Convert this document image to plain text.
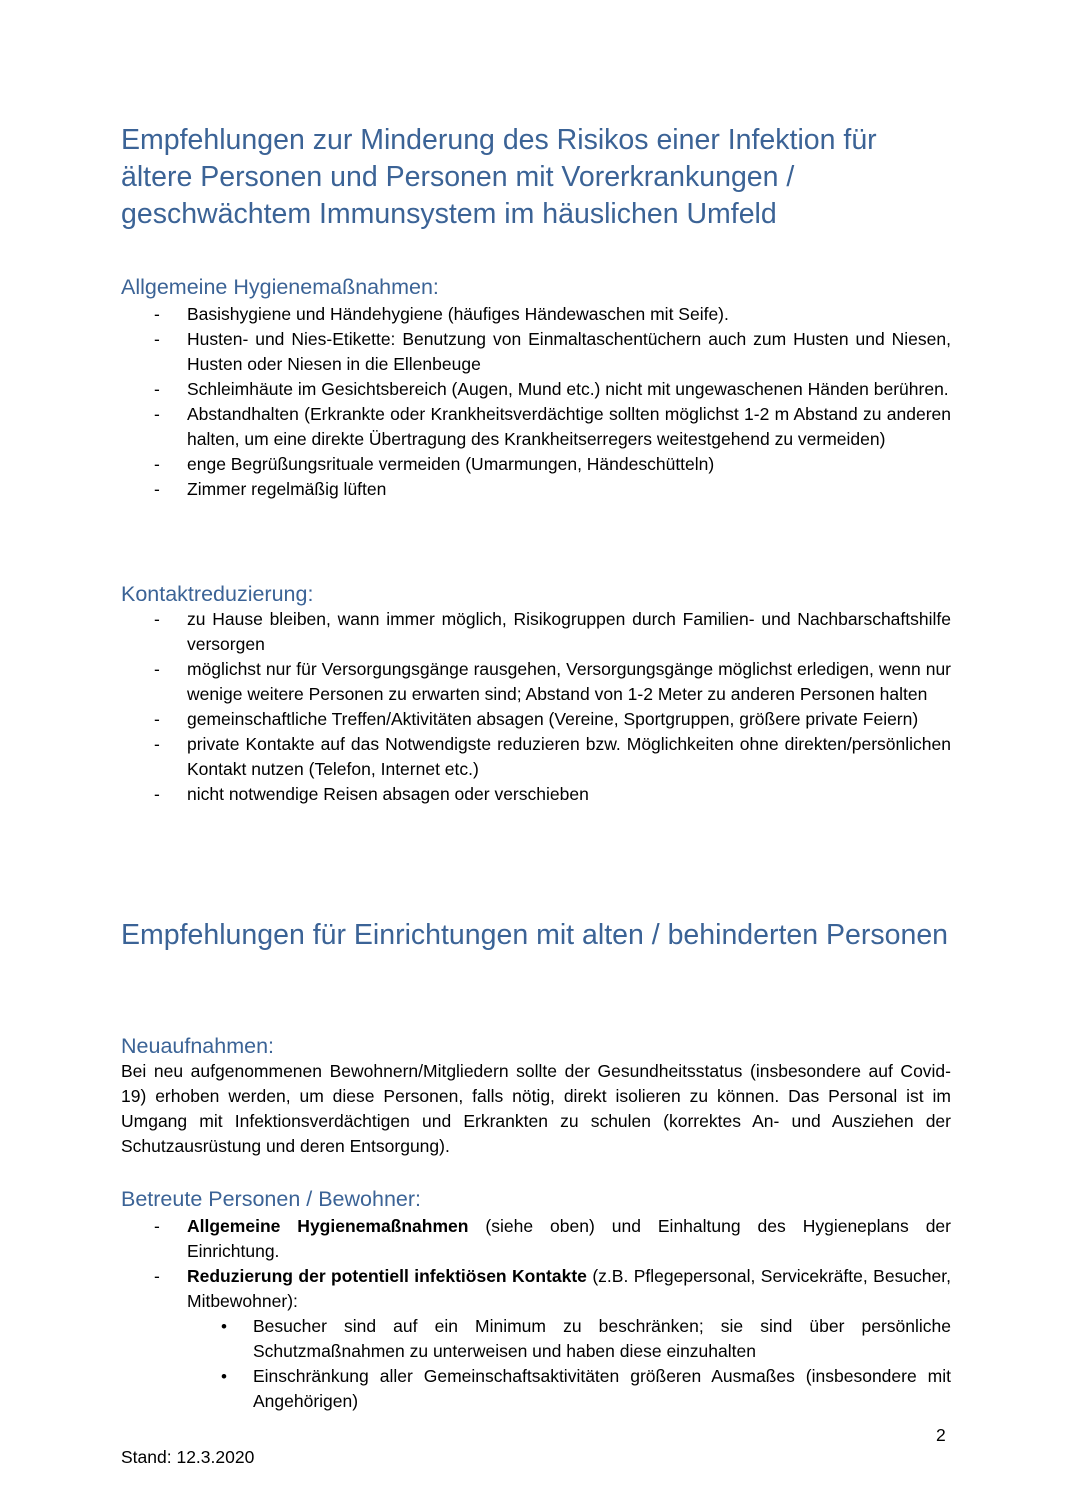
Empfehlungen zur Minderung des Risikos einer Infektion für ältere Personen und Personen mit Vorerkrankungen / geschwächtem Immunsystem im häuslichen Umfeld
Allgemeine Hygienemaßnahmen:
- Basishygiene und Händehygiene (häufiges Händewaschen mit Seife).
- Husten- und Nies-Etikette: Benutzung von Einmaltaschentüchern auch zum Husten und Niesen, Husten oder Niesen in die Ellenbeuge
- Schleimhäute im Gesichtsbereich (Augen, Mund etc.) nicht mit ungewaschenen Händen berühren.
- Abstandhalten (Erkrankte oder Krankheitsverdächtige sollten möglichst 1-2 m Abstand zu anderen halten, um eine direkte Übertragung des Krankheitserregers weitestgehend zu vermeiden)
- enge Begrüßungsrituale vermeiden (Umarmungen, Händeschütteln)
- Zimmer regelmäßig lüften
Kontaktreduzierung:
- zu Hause bleiben, wann immer möglich, Risikogruppen durch Familien- und Nachbarschaftshilfe versorgen
- möglichst nur für Versorgungsgänge rausgehen, Versorgungsgänge möglichst erledigen, wenn nur wenige weitere Personen zu erwarten sind; Abstand von 1-2 Meter zu anderen Personen halten
- gemeinschaftliche Treffen/Aktivitäten absagen (Vereine, Sportgruppen, größere private Feiern)
- private Kontakte auf das Notwendigste reduzieren bzw. Möglichkeiten ohne direkten/persönlichen Kontakt nutzen (Telefon, Internet etc.)
- nicht notwendige Reisen absagen oder verschieben
Empfehlungen für Einrichtungen mit alten / behinderten Personen
Neuaufnahmen:

Bei neu aufgenommenen Bewohnern/Mitgliedern sollte der Gesundheitsstatus (insbesondere auf Covid-19) erhoben werden, um diese Personen, falls nötig, direkt isolieren zu können. Das Personal ist im Umgang mit Infektionsverdächtigen und Erkrankten zu schulen (korrektes An- und Ausziehen der Schutzausrüstung und deren Entsorgung).

Betreute Personen / Bewohner:
- Allgemeine Hygienemaßnahmen (siehe oben) und Einhaltung des Hygieneplans der Einrichtung.
- Reduzierung der potentiell infektiösen Kontakte (z.B. Pflegepersonal, Servicekräfte, Besucher, Mitbewohner):
• Besucher sind auf ein Minimum zu beschränken; sie sind über persönliche Schutzmaßnahmen zu unterweisen und haben diese einzuhalten
• Einschränkung aller Gemeinschaftsaktivitäten größeren Ausmaßes (insbesondere mit Angehörigen)
2
Stand: 12.3.2020
